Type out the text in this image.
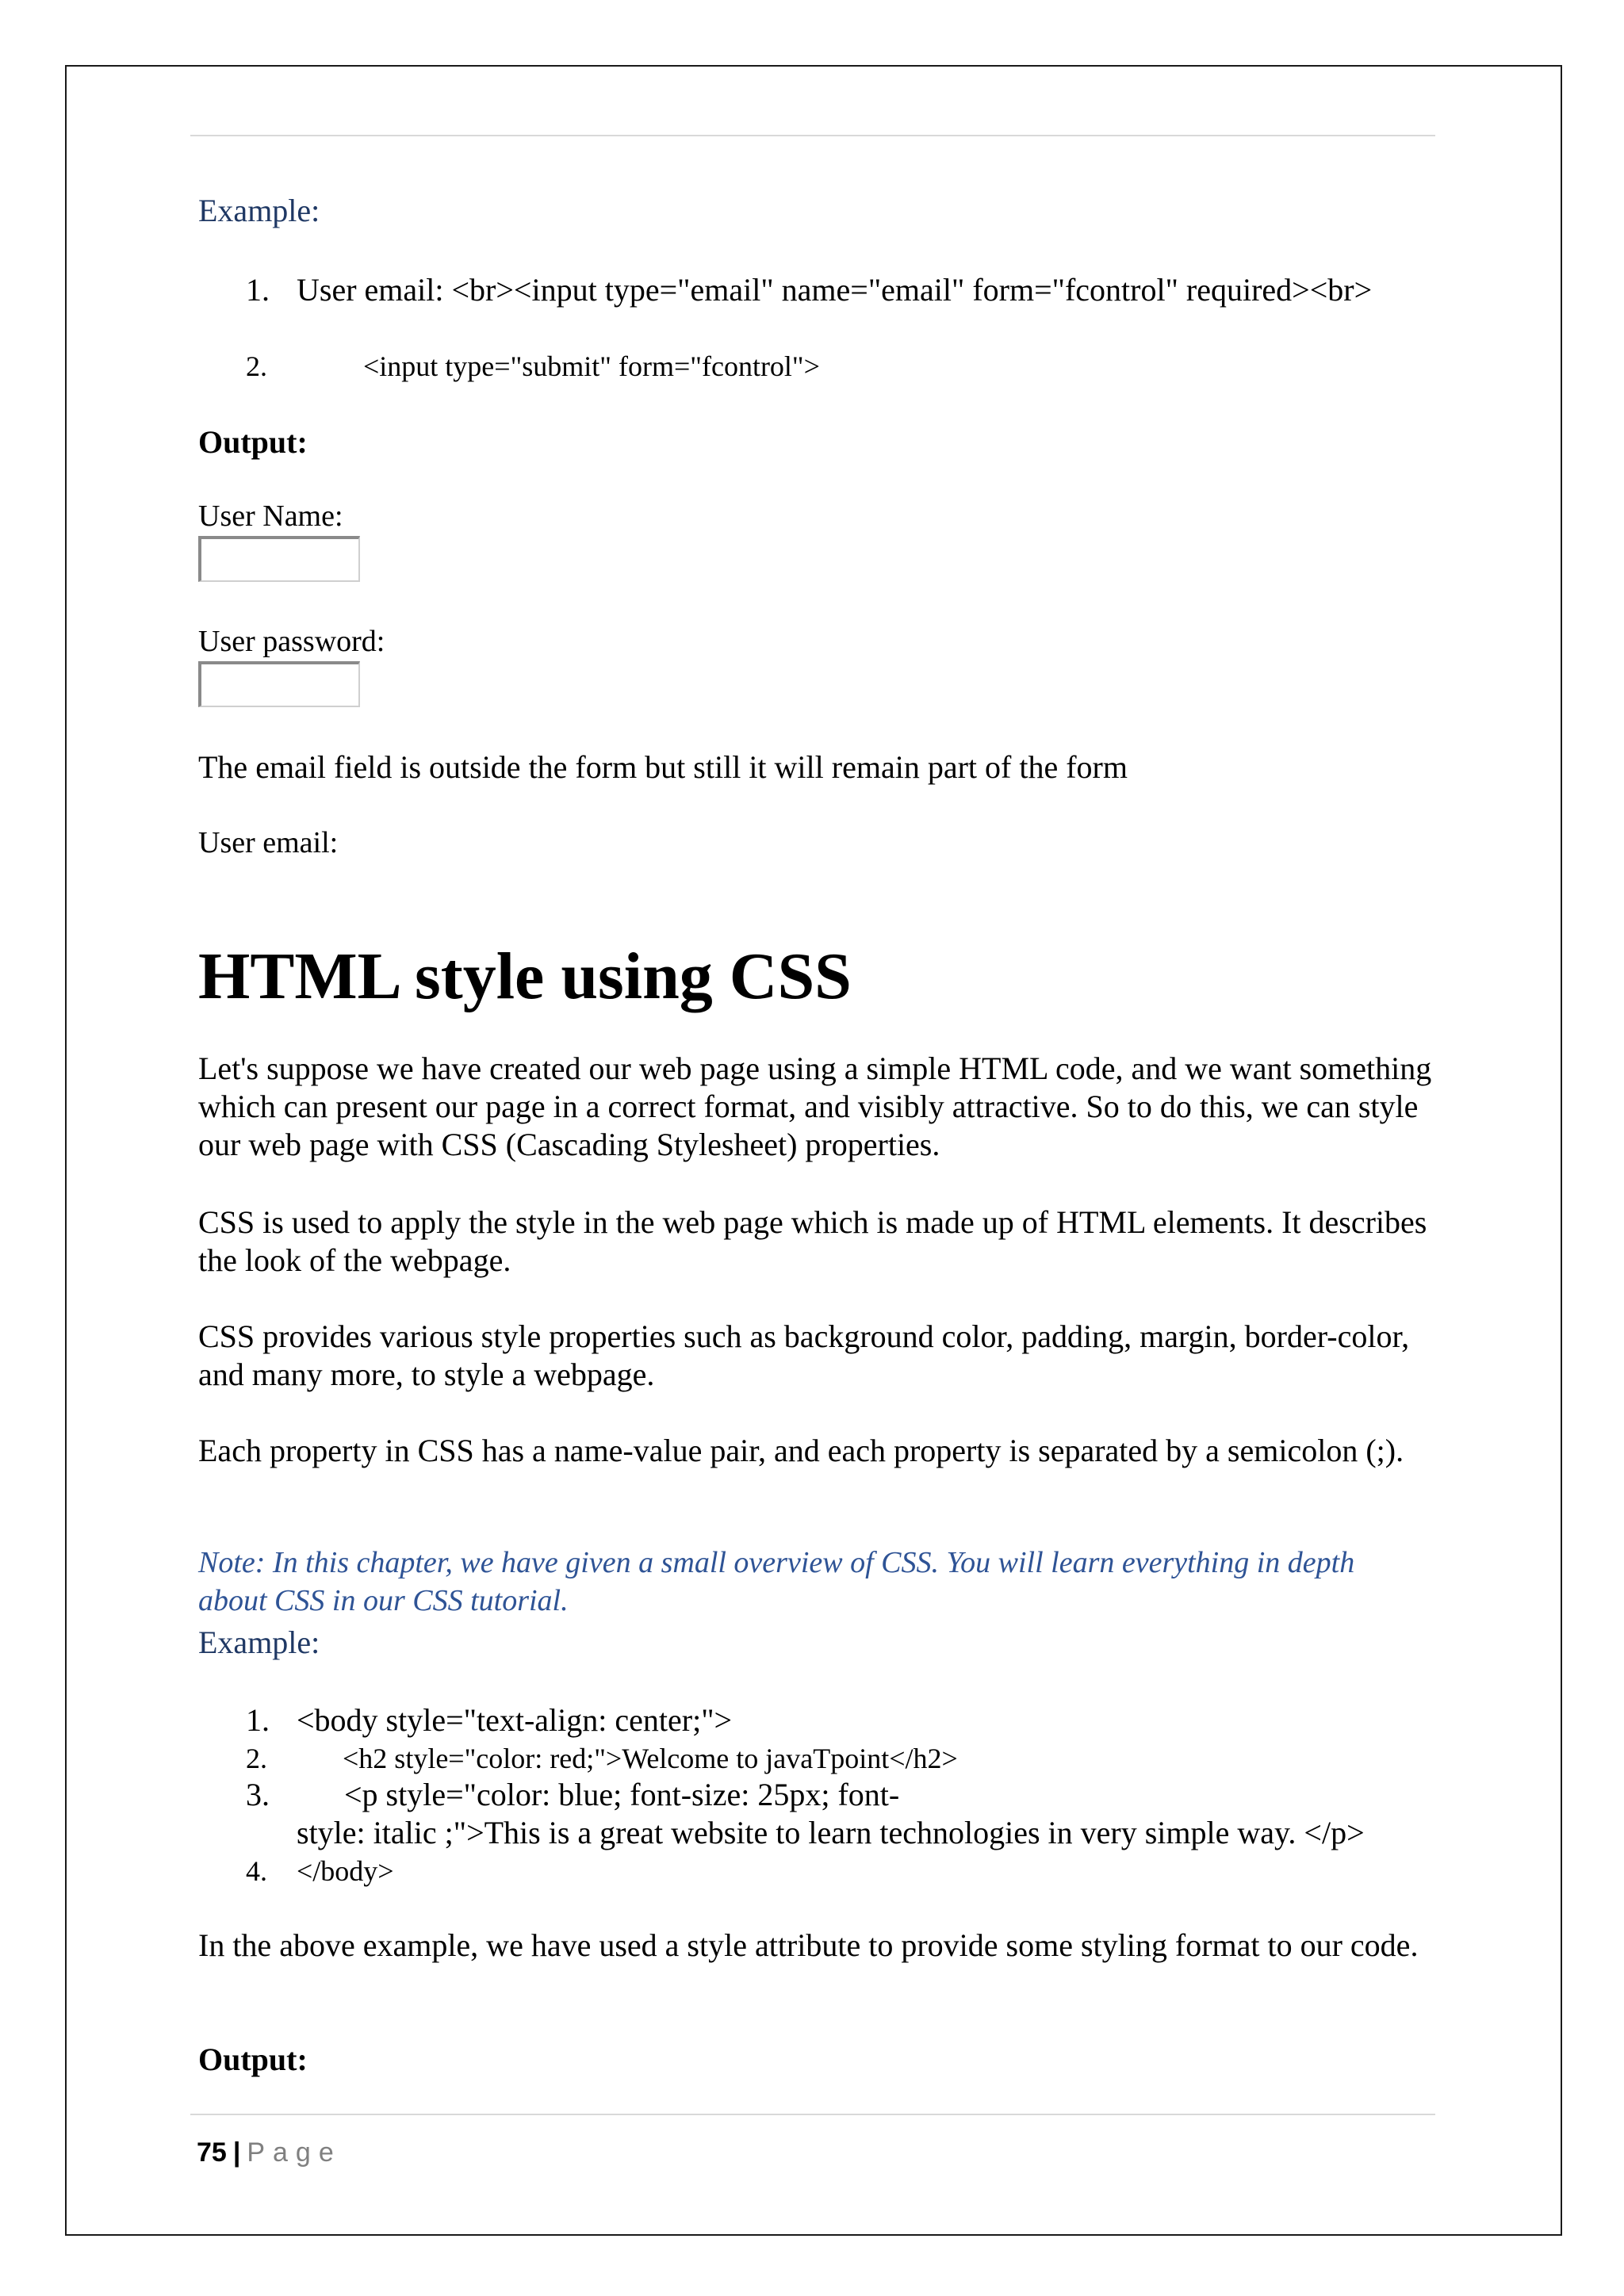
Example:
1. User email: <br><input type="email" name="email" form="fcontrol" required><br>
2.	<input type="submit" form="fcontrol">
Output:
User Name:
User password:
The email field is outside the form but still it will remain part of the form
User email:
HTML style using CSS
Let's suppose we have created our web page using a simple HTML code, and we want something which can present our page in a correct format, and visibly attractive. So to do this, we can style our web page with CSS (Cascading Stylesheet) properties.
CSS is used to apply the style in the web page which is made up of HTML elements. It describes the look of the webpage.
CSS provides various style properties such as background color, padding, margin, border-color, and many more, to style a webpage.
Each property in CSS has a name-value pair, and each property is separated by a semicolon (;).
Note: In this chapter, we have given a small overview of CSS. You will learn everything in depth
about CSS in our CSS tutorial.
Example:
1. <body style="text-align: center;">
2.	<h2 style="color: red;">Welcome to javaTpoint</h2>
3. <p style="color: blue; font-size: 25px; font-
style: italic ;">This is a great website to learn technologies in very simple way. </p>
4. </body>
In the above example, we have used a style attribute to provide some styling format to our code.
Output:
75 | Page
